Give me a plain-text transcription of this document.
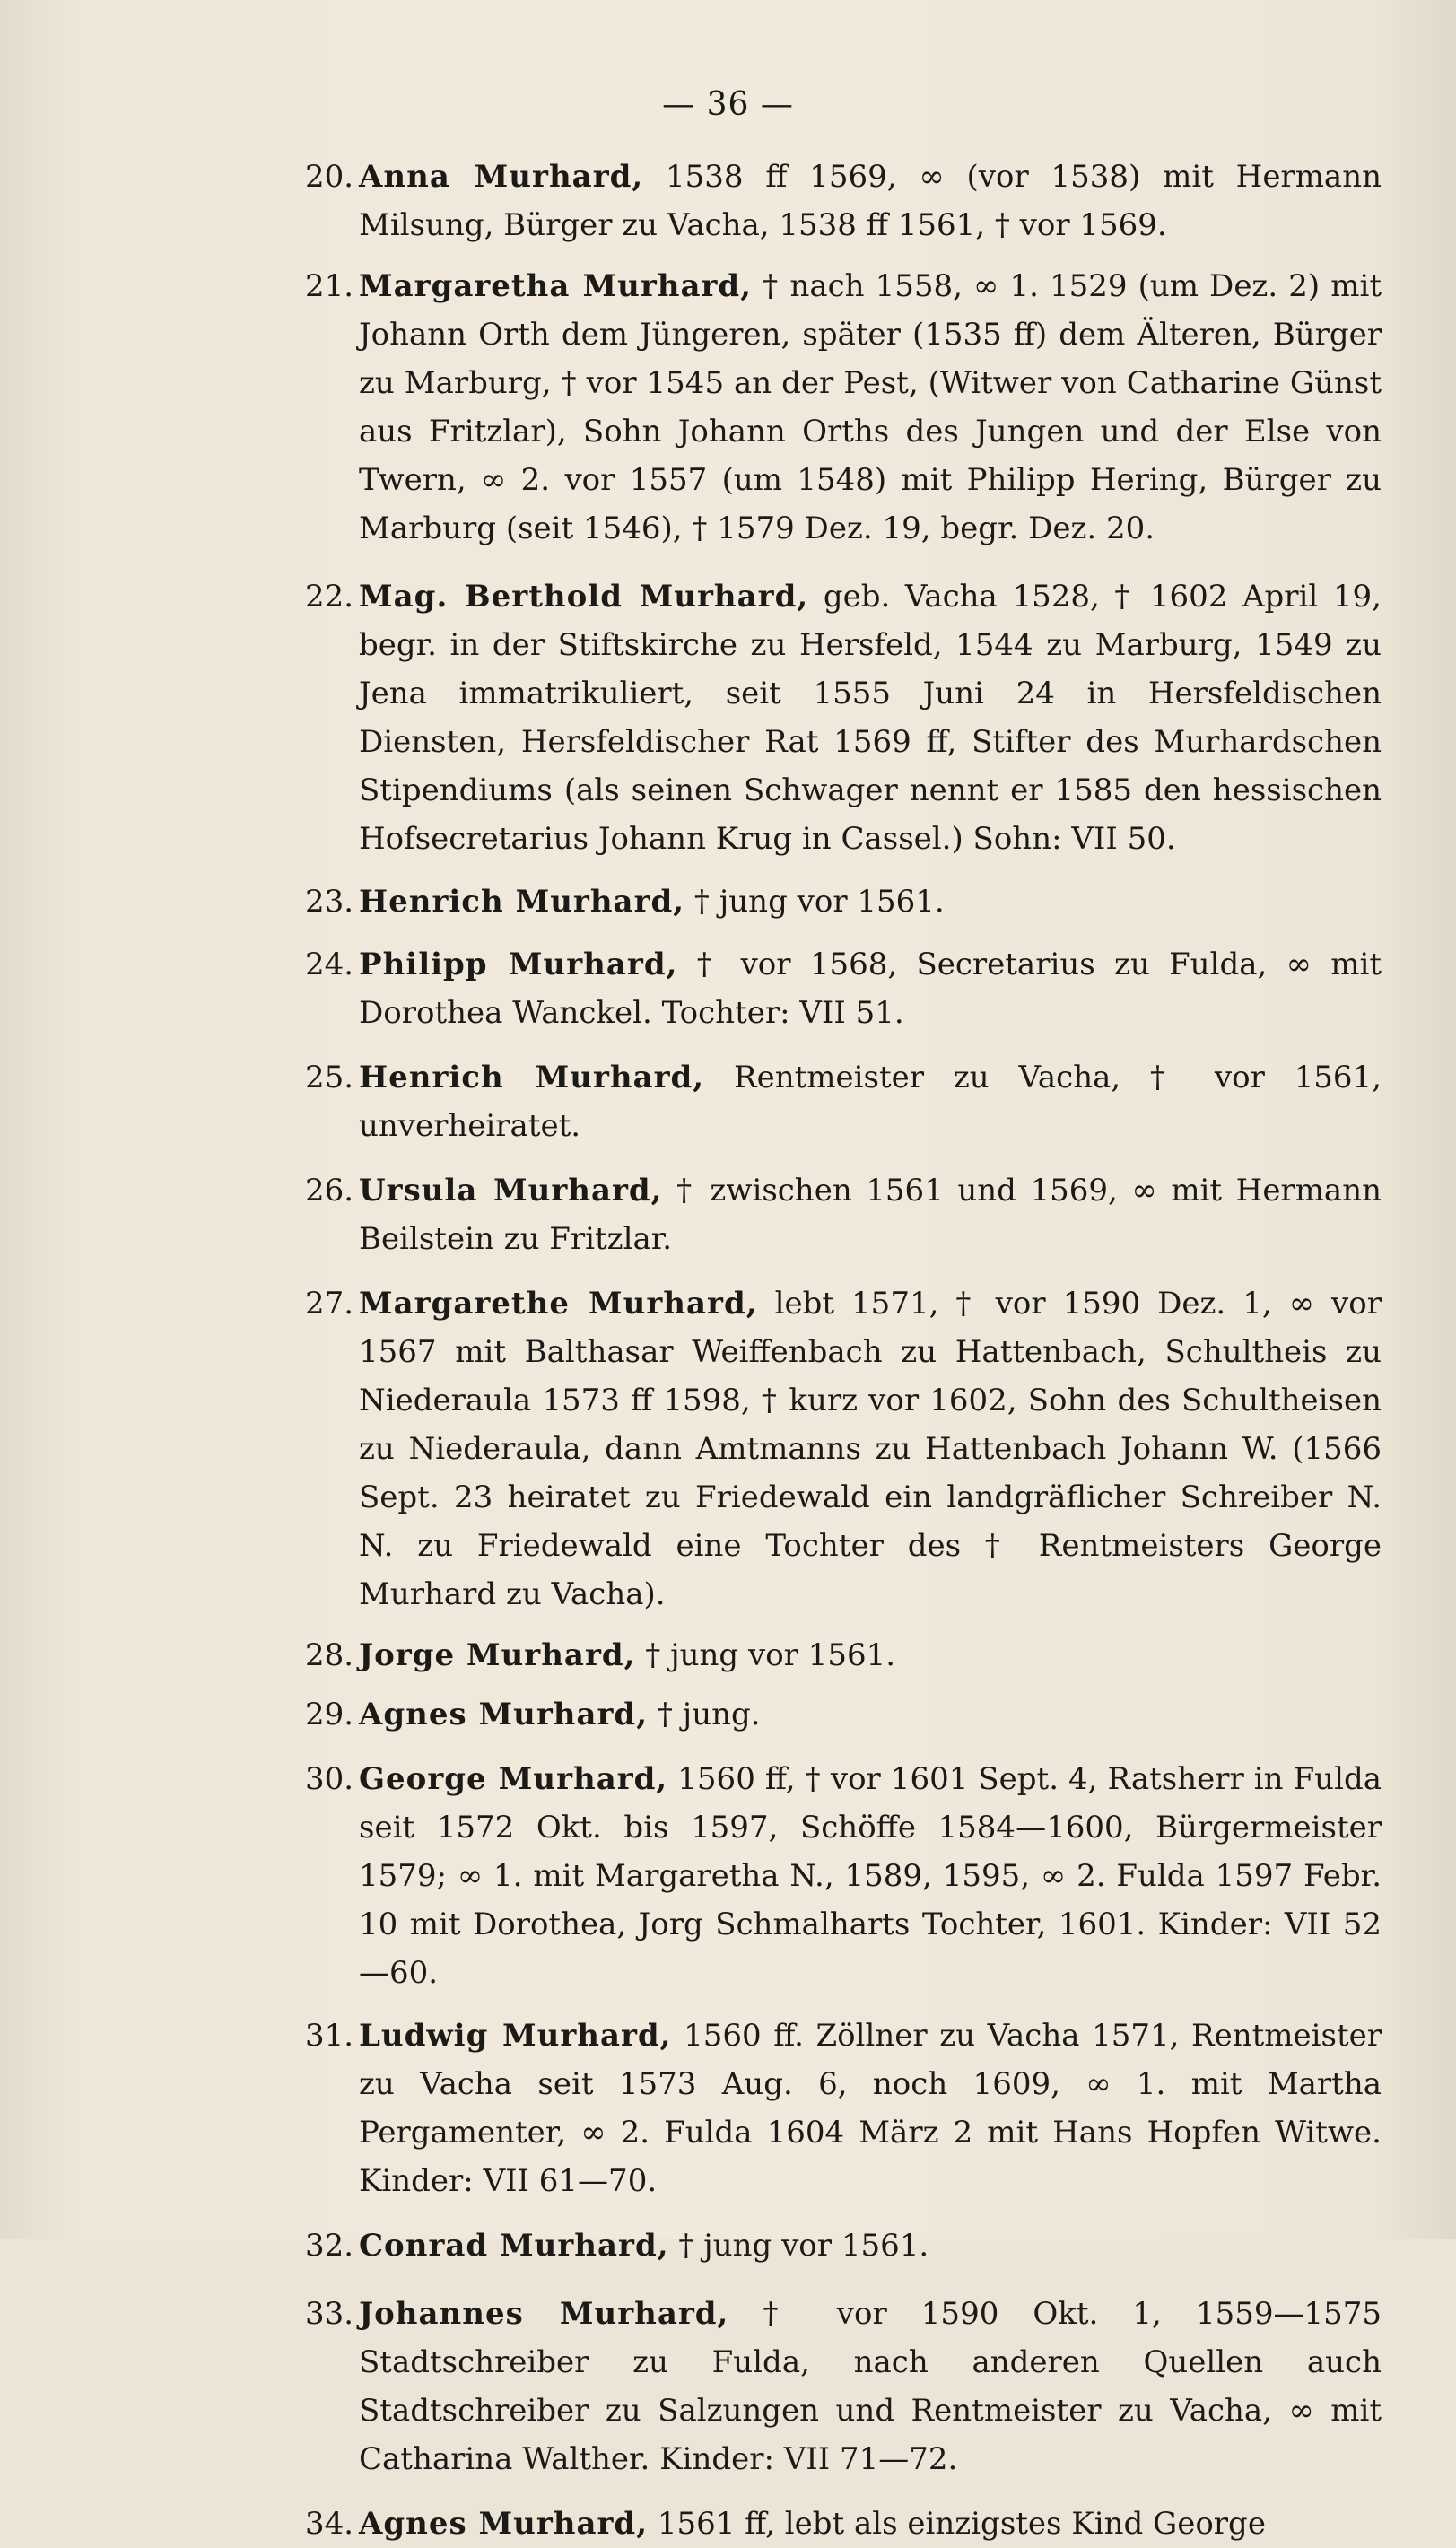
— 36 —
20. Anna Murhard, 1538 ff 1569, ∞ (vor 1538) mit Hermann Milsung, Bürger zu Vacha, 1538 ff 1561, † vor 1569.
21. Margaretha Murhard, † nach 1558, ∞ 1. 1529 (um Dez. 2) mit Johann Orth dem Jüngeren, später (1535 ff) dem Älteren, Bürger zu Marburg, † vor 1545 an der Pest, (Witwer von Catharine Günst aus Fritzlar), Sohn Johann Orths des Jungen und der Else von Twern, ∞ 2. vor 1557 (um 1548) mit Philipp Hering, Bürger zu Marburg (seit 1546), † 1579 Dez. 19, begr. Dez. 20.
22. Mag. Berthold Murhard, geb. Vacha 1528, † 1602 April 19, begr. in der Stiftskirche zu Hersfeld, 1544 zu Marburg, 1549 zu Jena immatrikuliert, seit 1555 Juni 24 in Hersfeldischen Diensten, Hersfeldischer Rat 1569 ff, Stifter des Murhardschen Stipendiums (als seinen Schwager nennt er 1585 den hessischen Hofsecretarius Johann Krug in Cassel.) Sohn: VII 50.
23. Henrich Murhard, † jung vor 1561.
24. Philipp Murhard, † vor 1568, Secretarius zu Fulda, ∞ mit Dorothea Wanckel. Tochter: VII 51.
25. Henrich Murhard, Rentmeister zu Vacha, † vor 1561, unverheiratet.
26. Ursula Murhard, † zwischen 1561 und 1569, ∞ mit Hermann Beilstein zu Fritzlar.
27. Margarethe Murhard, lebt 1571, † vor 1590 Dez. 1, ∞ vor 1567 mit Balthasar Weiffenbach zu Hattenbach, Schultheis zu Niederaula 1573 ff 1598, † kurz vor 1602, Sohn des Schultheisen zu Niederaula, dann Amtmanns zu Hattenbach Johann W. (1566 Sept. 23 heiratet zu Friedewald ein landgräflicher Schreiber N. N. zu Friedewald eine Tochter des † Rentmeisters George Murhard zu Vacha).
28. Jorge Murhard, † jung vor 1561.
29. Agnes Murhard, † jung.
30. George Murhard, 1560 ff, † vor 1601 Sept. 4, Ratsherr in Fulda seit 1572 Okt. bis 1597, Schöffe 1584—1600, Bürgermeister 1579; ∞ 1. mit Margaretha N., 1589, 1595, ∞ 2. Fulda 1597 Febr. 10 mit Dorothea, Jorg Schmalharts Tochter, 1601. Kinder: VII 52—60.
31. Ludwig Murhard, 1560 ff. Zöllner zu Vacha 1571, Rentmeister zu Vacha seit 1573 Aug. 6, noch 1609, ∞ 1. mit Martha Pergamenter, ∞ 2. Fulda 1604 März 2 mit Hans Hopfen Witwe. Kinder: VII 61—70.
32. Conrad Murhard, † jung vor 1561.
33. Johannes Murhard, † vor 1590 Okt. 1, 1559—1575 Stadtschreiber zu Fulda, nach anderen Quellen auch Stadtschreiber zu Salzungen und Rentmeister zu Vacha, ∞ mit Catharina Walther. Kinder: VII 71—72.
34. Agnes Murhard, 1561 ff, lebt als einzigstes Kind George
